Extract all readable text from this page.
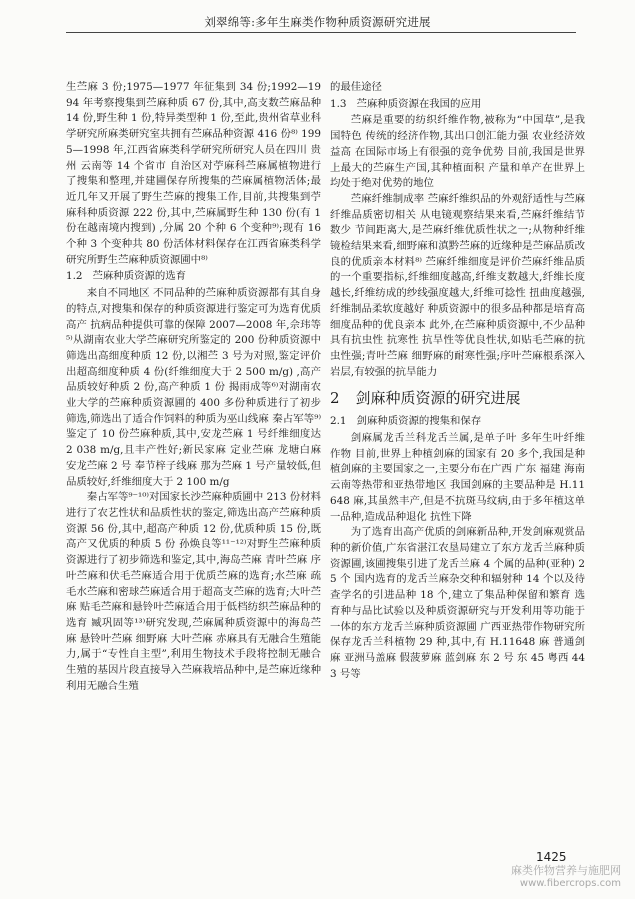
刘翠绵等:多年生麻类作物种质资源研究进展

生苎麻 3 份;1975—1977 年征集到 34 份;1992—1994 年考察搜集到苎麻种质 67 份,其中,高支数苎麻品种 14 份,野生种 1 份,特异类型种 1 份,至此,贵州省草业科学研究所麻类研究室共拥有苎麻品种资源 416 份⁸⁾ 1995—1998 年,江西省麻类科学研究所研究人员在四川 贵州 云南等 14 个省市 自治区对苧麻科苎麻属植物进行了搜集和整理,并建圃保存所搜集的苎麻属植物活体;最近几年又开展了野生苎麻的搜集工作,目前,共搜集到苧麻科种质资源 222 份,其中,苎麻属野生种 130 份(有 1 份在越南境内搜到) ,分属 20 个种 6 个变种⁹⁾;现有 16 个种 3 个变种共 80 份活体材料保存在江西省麻类科学研究所野生苎麻种质资源圃中⁸⁾

1.2 苎麻种质资源的选育

来自不同地区 不同品种的苎麻种质资源都有其自身的特点,对搜集和保存的种质资源进行鉴定可为选育优质 高产 抗病品种提供可靠的保障 2007—2008 年,佘玮等⁵⁾从湖南农业大学苎麻研究所鉴定的 200 份种质资源中筛选出高细度种质 12 份,以湘苎 3 号为对照,鉴定评价出超高细度种质 4 份(纤维细度大于 2 500 m/g) ,高产 品质较好种质 2 份,高产种质 1 份 揭雨成等⁶⁾对湖南农业大学的苎麻种质资源圃的 400 多份种质进行了初步筛选,筛选出了适合作饲料的种质为巫山线麻 秦占军等⁹⁾鉴定了 10 份苎麻种质,其中,安龙苎麻 1 号纤维细度达 2 038 m/g,且丰产性好;新民家麻 定业苎麻 龙塘白麻 安龙苎麻 2 号 奉节梓子线麻 那为苎麻 1 号产量较低,但品质较好,纤维细度大于 2 100 m/g

秦占军等⁹⁻¹⁰⁾对国家长沙苎麻种质圃中 213 份材料进行了农艺性状和品质性状的鉴定,筛选出高产苎麻种质资源 56 份,其中,超高产种质 12 份,优质种质 15 份,既高产又优质的种质 5 份 孙焕良等¹¹⁻¹²⁾对野生苎麻种质资源进行了初步筛选和鉴定,其中,海岛苎麻 青叶苎麻 序叶苎麻和伏毛苎麻适合用于优质苎麻的选育;水苎麻 疏毛水苎麻和密球苎麻适合用于超高支苎麻的选育;大叶苎麻 贴毛苎麻和悬铃叶苎麻适合用于低档纺织苎麻品种的选育 臧巩固等¹³⁾研究发现,苎麻属种质资源中的海岛苎麻 悬铃叶苎麻 细野麻 大叶苎麻 赤麻具有无融合生殖能力,属于“专性自主型”,利用生物技术手段将控制无融合生殖的基因片段直接导入苎麻栽培品种中,是苎麻近缘种利用无融合生殖

的最佳途径

1.3 苎麻种质资源在我国的应用

苎麻是重要的纺织纤维作物,被称为“中国草”,是我国特色 传统的经济作物,其出口创汇能力强 农业经济效益高 在国际市场上有很强的竞争优势 目前,我国是世界上最大的苎麻生产国,其种植面积 产量和单产在世界上均处于绝对优势的地位

苎麻纤维制成率 苎麻纤维织品的外观舒适性与苎麻纤维品质密切相关 从电镜观察结果来看,苎麻纤维结节数少 节间距离大,是苎麻纤维优质性状之一;从物种纤维镜检结果来看,细野麻和滇黔苎麻的近缘种是苎麻品质改良的优质亲本材料⁸⁾ 苎麻纤维细度是评价苎麻纤维品质的一个重要指标,纤维细度越高,纤维支数越大,纤维长度越长,纤维纺成的纱线强度越大,纤维可捻性 扭曲度越强,纤维制品柔软度越好 种质资源中的很多品种都是培育高细度品种的优良亲本 此外,在苎麻种质资源中,不少品种具有抗虫性 抗寒性 抗旱性等优良性状,如贴毛苎麻的抗虫性强;青叶苎麻 细野麻的耐寒性强;序叶苎麻根系深入岩层,有较强的抗旱能力

2 剑麻种质资源的研究进展
2.1 剑麻种质资源的搜集和保存

剑麻属龙舌兰科龙舌兰属,是单子叶 多年生叶纤维作物 目前,世界上种植剑麻的国家有 20 多个,我国是种植剑麻的主要国家之一,主要分布在广西 广东 福建 海南 云南等热带和亚热带地区 我国剑麻的主要品种是 H.11648 麻,其虽然丰产,但是不抗斑马纹病,由于多年植这单一品种,造成品种退化 抗性下降

为了选育出高产优质的剑麻新品种,开发剑麻观赏品种的新价值,广东省湛江农垦局建立了东方龙舌兰麻种质资源圃,该圃搜集引进了龙舌兰麻 4 个属的品种(亚种) 25 个 国内选育的龙舌兰麻杂交种和辐射种 14 个以及待查学名的引进品种 18 个,建立了集品种保留和繁育 选育种与品比试验以及种质资源研究与开发利用等功能于一体的东方龙舌兰麻种质资源圃 广西亚热带作物研究所保存龙舌兰科植物 29 种,其中,有 H.11648 麻 普通剑麻 亚洲马盖麻 假菠萝麻 蓝剑麻 东 2 号 东 45 粤西 443 号等

1425
麻类作物营养与施肥网
www.fibercrops.com
